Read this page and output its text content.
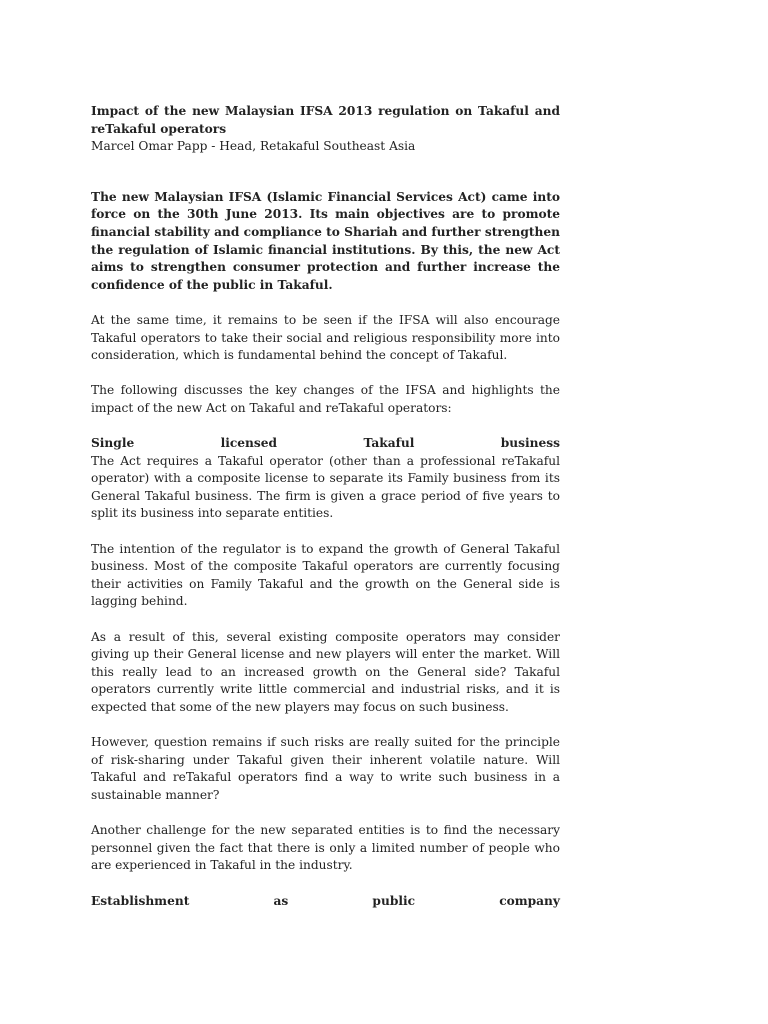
Impact of the new Malaysian IFSA 2013 regulation on Takaful and reTakaful operators

Marcel Omar Papp - Head, Retakaful Southeast Asia

The new Malaysian IFSA (Islamic Financial Services Act) came into force on the 30th June 2013. Its main objectives are to promote financial stability and compliance to Shariah and further strengthen the regulation of Islamic financial institutions. By this, the new Act aims to strengthen consumer protection and further increase the confidence of the public in Takaful.

At the same time, it remains to be seen if the IFSA will also encourage Takaful operators to take their social and religious responsibility more into consideration, which is fundamental behind the concept of Takaful.

The following discusses the key changes of the IFSA and highlights the impact of the new Act on Takaful and reTakaful operators:

Single licensed Takaful business
The Act requires a Takaful operator (other than a professional reTakaful operator) with a composite license to separate its Family business from its General Takaful business. The firm is given a grace period of five years to split its business into separate entities.

The intention of the regulator is to expand the growth of General Takaful business. Most of the composite Takaful operators are currently focusing their activities on Family Takaful and the growth on the General side is lagging behind.

As a result of this, several existing composite operators may consider giving up their General license and new players will enter the market. Will this really lead to an increased growth on the General side? Takaful operators currently write little commercial and industrial risks, and it is expected that some of the new players may focus on such business.

However, question remains if such risks are really suited for the principle of risk-sharing under Takaful given their inherent volatile nature. Will Takaful and reTakaful operators find a way to write such business in a sustainable manner?

Another challenge for the new separated entities is to find the necessary personnel given the fact that there is only a limited number of people who are experienced in Takaful in the industry.

Establishment as public company
